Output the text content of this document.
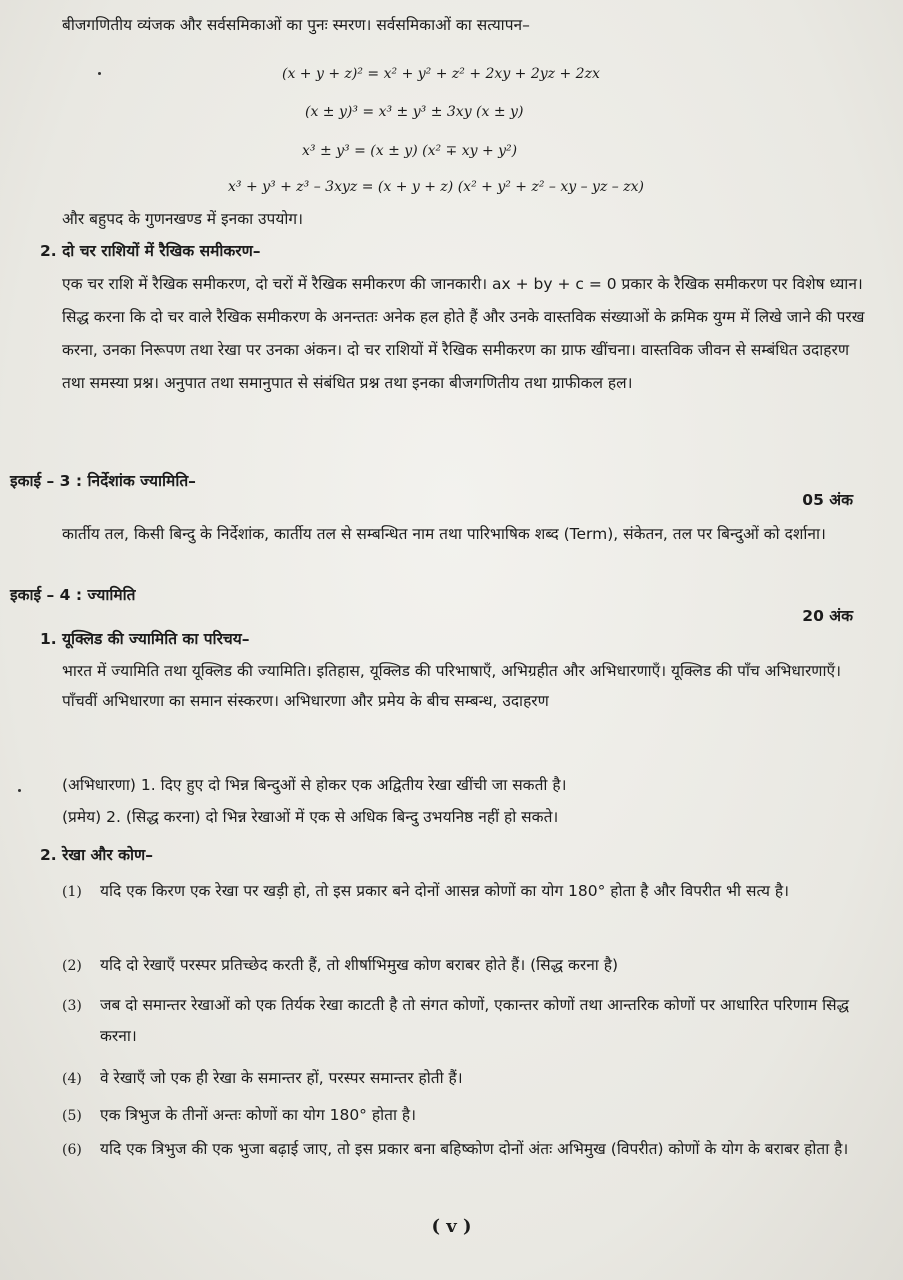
बीजगणितीय व्यंजक और सर्वसमिकाओं का पुनः स्मरण। सर्वसमिकाओं का सत्यापन–
(x + y + z)² = x² + y² + z² + 2xy + 2yz + 2zx
(x ± y)³ = x³ ± y³ ± 3xy (x ± y)
x³ ± y³ = (x ± y) (x² ∓ xy + y²)
x³ + y³ + z³ – 3xyz = (x + y + z) (x² + y² + z² – xy – yz – zx)
और बहुपद के गुणनखण्ड में इनका उपयोग।
2. दो चर राशियों में रैखिक समीकरण–
एक चर राशि में रैखिक समीकरण, दो चरों में रैखिक समीकरण की जानकारी। ax + by + c = 0 प्रकार के रैखिक समीकरण पर विशेष ध्यान। सिद्ध करना कि दो चर वाले रैखिक समीकरण के अनन्ततः अनेक हल होते हैं और उनके वास्तविक संख्याओं के क्रमिक युग्म में लिखे जाने की परख करना, उनका निरूपण तथा रेखा पर उनका अंकन। दो चर राशियों में रैखिक समीकरण का ग्राफ खींचना। वास्तविक जीवन से सम्बंधित उदाहरण तथा समस्या प्रश्न। अनुपात तथा समानुपात से संबंधित प्रश्न तथा इनका बीजगणितीय तथा ग्राफीकल हल।
इकाई – 3 : निर्देशांक ज्यामिति–
05 अंक
कार्तीय तल, किसी बिन्दु के निर्देशांक, कार्तीय तल से सम्बन्धित नाम तथा पारिभाषिक शब्द (Term), संकेतन, तल पर बिन्दुओं को दर्शाना।
इकाई – 4 : ज्यामिति
20 अंक
1. यूक्लिड की ज्यामिति का परिचय–
भारत में ज्यामिति तथा यूक्लिड की ज्यामिति। इतिहास, यूक्लिड की परिभाषाएँ, अभिग्रहीत और अभिधारणाएँ। यूक्लिड की पाँच अभिधारणाएँ। पाँचवीं अभिधारणा का समान संस्करण। अभिधारणा और प्रमेय के बीच सम्बन्ध, उदाहरण
(अभिधारणा) 1. दिए हुए दो भिन्न बिन्दुओं से होकर एक अद्वितीय रेखा खींची जा सकती है।
(प्रमेय) 2. (सिद्ध करना) दो भिन्न रेखाओं में एक से अधिक बिन्दु उभयनिष्ठ नहीं हो सकते।
2. रेखा और कोण–
(1) यदि एक किरण एक रेखा पर खड़ी हो, तो इस प्रकार बने दोनों आसन्न कोणों का योग 180° होता है और विपरीत भी सत्य है।
(2) यदि दो रेखाएँ परस्पर प्रतिच्छेद करती हैं, तो शीर्षाभिमुख कोण बराबर होते हैं। (सिद्ध करना है)
(3) जब दो समान्तर रेखाओं को एक तिर्यक रेखा काटती है तो संगत कोणों, एकान्तर कोणों तथा आन्तरिक कोणों पर आधारित परिणाम सिद्ध करना।
(4) वे रेखाएँ जो एक ही रेखा के समान्तर हों, परस्पर समान्तर होती हैं।
(5) एक त्रिभुज के तीनों अन्तः कोणों का योग 180° होता है।
(6) यदि एक त्रिभुज की एक भुजा बढ़ाई जाए, तो इस प्रकार बना बहिष्कोण दोनों अंतः अभिमुख (विपरीत) कोणों के योग के बराबर होता है।
( v )
